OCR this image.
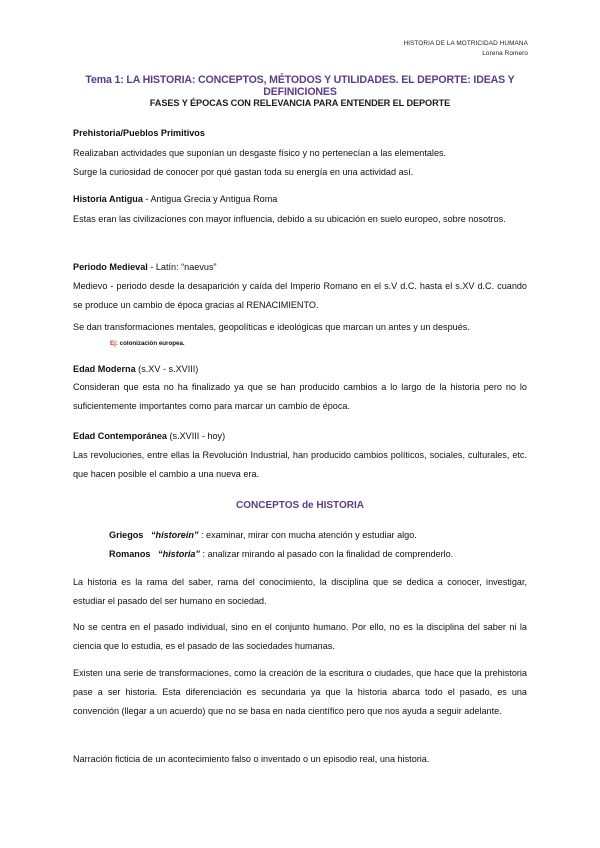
HISTORIA DE LA MOTRICIDAD HUMANA
Lorena Romero
Tema 1: LA HISTORIA: CONCEPTOS, MÉTODOS Y UTILIDADES. EL DEPORTE: IDEAS Y DEFINICIONES
FASES Y ÉPOCAS CON RELEVANCIA PARA ENTENDER EL DEPORTE
Prehistoria/Pueblos Primitivos
Realizaban actividades que suponían un desgaste físico y no pertenecían a las elementales.
Surge la curiosidad de conocer por qué gastan toda su energía en una actividad así.
Historia Antigua - Antigua Grecia y Antigua Roma
Estas eran las civilizaciones con mayor influencia, debido a su ubicación en suelo europeo, sobre nosotros.
Periodo Medieval - Latín: “naevus”
Medievo - periodo desde la desaparición y caída del Imperio Romano en el s.V d.C. hasta el s.XV d.C. cuando se produce un cambio de época gracias al RENACIMIENTO.
Se dan transformaciones mentales, geopolíticas e ideológicas que marcan un antes y un después.
Ej: colonización europea.
Edad Moderna (s.XV - s.XVIII)
Consideran que esta no ha finalizado ya que se han producido cambios a lo largo de la historia pero no lo suficientemente importantes como para marcar un cambio de época.
Edad Contemporánea (s.XVIII - hoy)
Las revoluciones, entre ellas la Revolución Industrial, han producido cambios políticos, sociales, culturales, etc. que hacen posible el cambio a una nueva era.
CONCEPTOS de HISTORIA
Griegos “historein” : examinar, mirar con mucha atención y estudiar algo.
Romanos “historia” : analizar mirando al pasado con la finalidad de comprenderlo.
La historia es la rama del saber, rama del conocimiento, la disciplina que se dedica a conocer, investigar, estudiar el pasado del ser humano en sociedad.
No se centra en el pasado individual, sino en el conjunto humano. Por ello, no es la disciplina del saber ni la ciencia que lo estudia, es el pasado de las sociedades humanas.
Existen una serie de transformaciones, como la creación de la escritura o ciudades, que hace que la prehistoria pase a ser historia. Esta diferenciación es secundaria ya que la historia abarca todo el pasado, es una convención (llegar a un acuerdo) que no se basa en nada científico pero que nos ayuda a seguir adelante.
Narración ficticia de un acontecimiento falso o inventado o un episodio real, una historia.
